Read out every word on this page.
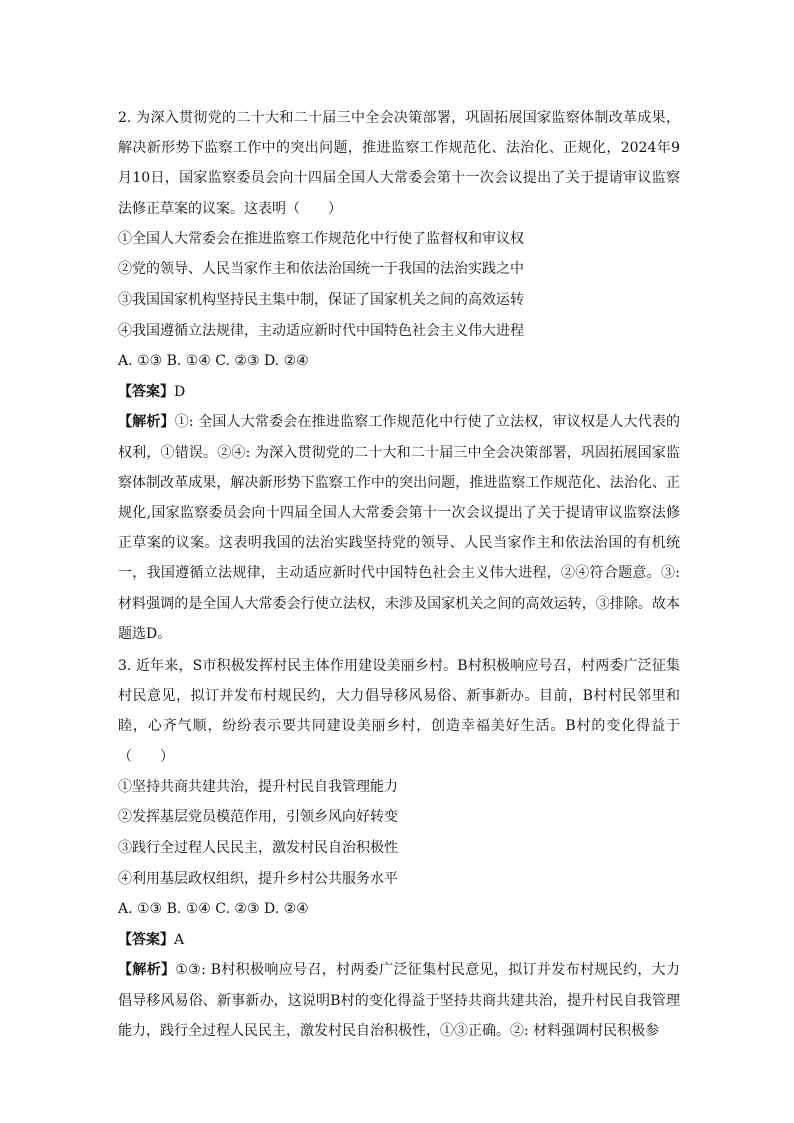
2. 为深入贯彻党的二十大和二十届三中全会决策部署，巩固拓展国家监察体制改革成果，解决新形势下监察工作中的突出问题，推进监察工作规范化、法治化、正规化，2024年9月10日，国家监察委员会向十四届全国人大常委会第十一次会议提出了关于提请审议监察法修正草案的议案。这表明（　　）

①全国人大常委会在推进监察工作规范化中行使了监督权和审议权

②党的领导、人民当家作主和依法治国统一于我国的法治实践之中

③我国国家机构坚持民主集中制，保证了国家机关之间的高效运转

④我国遵循立法规律，主动适应新时代中国特色社会主义伟大进程

A. ①③ B. ①④ C. ②③ D. ②④

【答案】D

【解析】①: 全国人大常委会在推进监察工作规范化中行使了立法权，审议权是人大代表的权利，①错误。②④: 为深入贯彻党的二十大和二十届三中全会决策部署，巩固拓展国家监察体制改革成果，解决新形势下监察工作中的突出问题，推进监察工作规范化、法治化、正规化,国家监察委员会向十四届全国人大常委会第十一次会议提出了关于提请审议监察法修正草案的议案。这表明我国的法治实践坚持党的领导、人民当家作主和依法治国的有机统一，我国遵循立法规律，主动适应新时代中国特色社会主义伟大进程，②④符合题意。③: 材料强调的是全国人大常委会行使立法权，未涉及国家机关之间的高效运转，③排除。故本题选D。

3. 近年来，S市积极发挥村民主体作用建设美丽乡村。B村积极响应号召，村两委广泛征集村民意见，拟订并发布村规民约，大力倡导移风易俗、新事新办。目前，B村村民邻里和睦，心齐气顺，纷纷表示要共同建设美丽乡村，创造幸福美好生活。B村的变化得益于（　　）

①坚持共商共建共治，提升村民自我管理能力

②发挥基层党员模范作用，引领乡风向好转变

③践行全过程人民民主，激发村民自治积极性

④利用基层政权组织，提升乡村公共服务水平

A. ①③ B. ①④ C. ②③ D. ②④

【答案】A

【解析】①③: B村积极响应号召，村两委广泛征集村民意见，拟订并发布村规民约，大力倡导移风易俗、新事新办，这说明B村的变化得益于坚持共商共建共治，提升村民自我管理能力，践行全过程人民民主，激发村民自治积极性，①③正确。②: 材料强调村民积极参
